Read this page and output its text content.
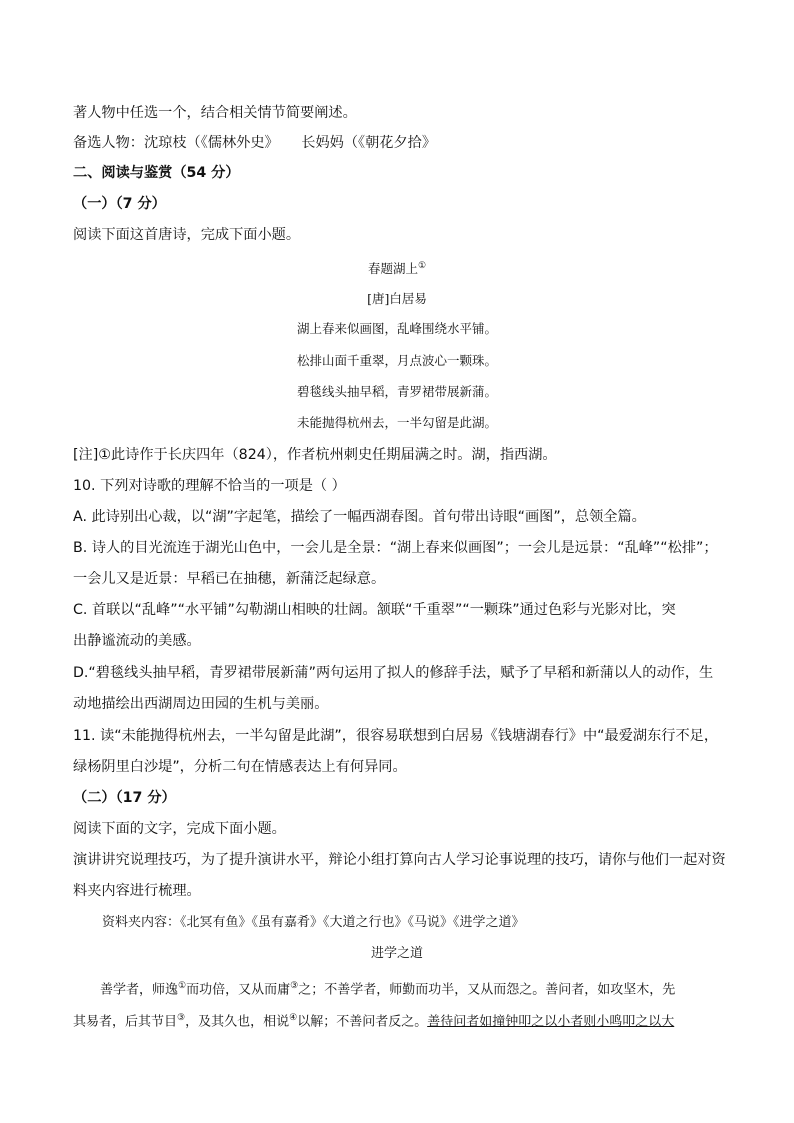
著人物中任选一个，结合相关情节简要阐述。
备选人物：沈琼枝（《儒林外史》     长妈妈（《朝花夕拾》
二、阅读与鉴赏（54 分）
（一）（7 分）
阅读下面这首唐诗，完成下面小题。
春题湖上①
[唐]白居易
湖上春来似画图，乱峰围绕水平铺。
松排山面千重翠，月点波心一颗珠。
碧毯线头抽早稻，青罗裙带展新蒲。
未能抛得杭州去，一半勾留是此湖。
[注]①此诗作于长庆四年（824），作者杭州刺史任期届满之时。湖，指西湖。
10. 下列对诗歌的理解不恰当的一项是（ ）
A. 此诗别出心裁，以“湖”字起笔，描绘了一幅西湖春图。首句带出诗眼“画图”，总领全篇。
B. 诗人的目光流连于湖光山色中，一会儿是全景：“湖上春来似画图”；一会儿是远景：“乱峰”“松排”；
一会儿又是近景：早稻已在抽穗，新蒲泛起绿意。
C. 首联以“乱峰”“水平铺”勾勒湖山相映的壮阔。颔联“千重翠”“一颗珠”通过色彩与光影对比，突
出静谧流动的美感。
D.“碧毯线头抽早稻，青罗裙带展新蒲”两句运用了拟人的修辞手法，赋予了早稻和新蒲以人的动作，生
动地描绘出西湖周边田园的生机与美丽。
11. 读“未能抛得杭州去，一半勾留是此湖”，很容易联想到白居易《钱塘湖春行》中“最爱湖东行不足，
绿杨阴里白沙堤”，分析二句在情感表达上有何异同。
（二）（17 分）
阅读下面的文字，完成下面小题。
演讲讲究说理技巧，为了提升演讲水平，辩论小组打算向古人学习论事说理的技巧，请你与他们一起对资
料夹内容进行梳理。
资料夹内容：《北冥有鱼》《虽有嘉肴》《大道之行也》《马说》《进学之道》
进学之道
善学者，师逸①而功倍，又从而庸③之；不善学者，师勤而功半，又从而怨之。善问者，如攻坚木，先
其易者，后其节目③，及其久也，相说④以解；不善问者反之。善待问者如撞钟叩之以小者则小鸣叩之以大
